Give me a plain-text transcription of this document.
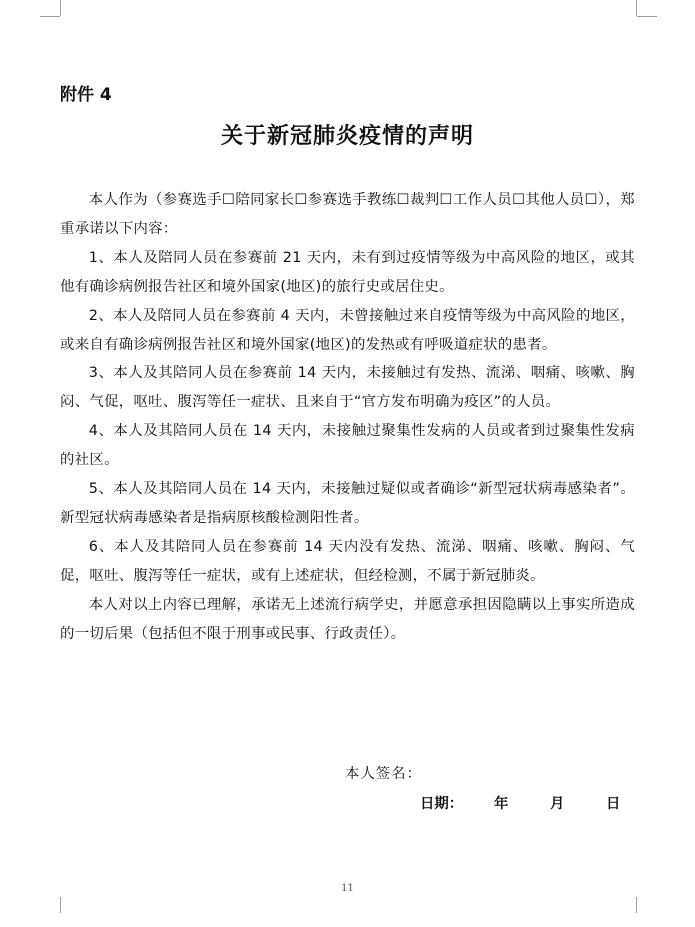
附件 4
关于新冠肺炎疫情的声明

本人作为（参赛选手☐陪同家长☐参赛选手教练☐裁判☐工作人员☐其他人员☐），郑重承诺以下内容：

1、本人及陪同人员在参赛前 21 天内，未有到过疫情等级为中高风险的地区，或其他有确诊病例报告社区和境外国家(地区)的旅行史或居住史。

2、本人及陪同人员在参赛前 4 天内，未曾接触过来自疫情等级为中高风险的地区，或来自有确诊病例报告社区和境外国家(地区)的发热或有呼吸道症状的患者。

3、本人及其陪同人员在参赛前 14 天内，未接触过有发热、流涕、咽痛、咳嗽、胸闷、气促，呕吐、腹泻等任一症状、且来自于“官方发布明确为疫区”的人员。

4、本人及其陪同人员在 14 天内，未接触过聚集性发病的人员或者到过聚集性发病的社区。

5、本人及其陪同人员在 14 天内，未接触过疑似或者确诊“新型冠状病毒感染者”。新型冠状病毒感染者是指病原核酸检测阳性者。

6、本人及其陪同人员在参赛前 14 天内没有发热、流涕、咽痛、咳嗽、胸闷、气促，呕吐、腹泻等任一症状，或有上述症状，但经检测，不属于新冠肺炎。

本人对以上内容已理解，承诺无上述流行病学史，并愿意承担因隐瞒以上事实所造成的一切后果（包括但不限于刑事或民事、行政责任）。

本人签名：
日期： 年	月	日
11
